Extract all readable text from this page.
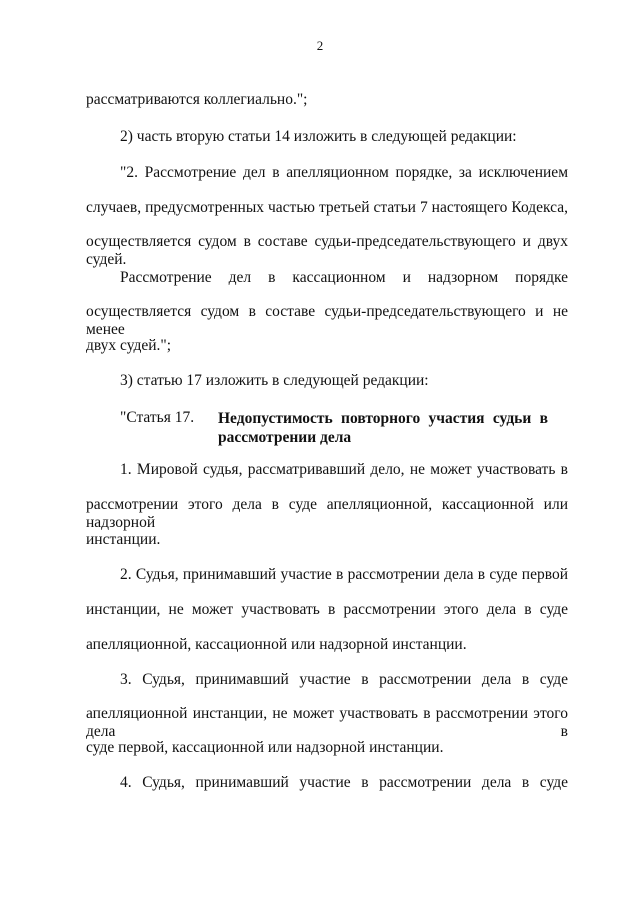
2
рассматриваются коллегиально.";
2) часть вторую статьи 14 изложить в следующей редакции:
"2. Рассмотрение дел в апелляционном порядке, за исключением
случаев, предусмотренных частью третьей статьи 7 настоящего Кодекса,
осуществляется судом в составе судьи-председательствующего и двух судей.
Рассмотрение дел в кассационном и надзорном порядке
осуществляется судом в составе судьи-председательствующего и не менее
двух судей.";
3) статью 17 изложить в следующей редакции:
"Статья 17. Недопустимость повторного участия судьи в
рассмотрении дела
1. Мировой судья, рассматривавший дело, не может участвовать в
рассмотрении этого дела в суде апелляционной, кассационной или надзорной
инстанции.
2. Судья, принимавший участие в рассмотрении дела в суде первой
инстанции, не может участвовать в рассмотрении этого дела в суде
апелляционной, кассационной или надзорной инстанции.
3. Судья, принимавший участие в рассмотрении дела в суде
апелляционной инстанции, не может участвовать в рассмотрении этого дела в
суде первой, кассационной или надзорной инстанции.
4. Судья, принимавший участие в рассмотрении дела в суде
